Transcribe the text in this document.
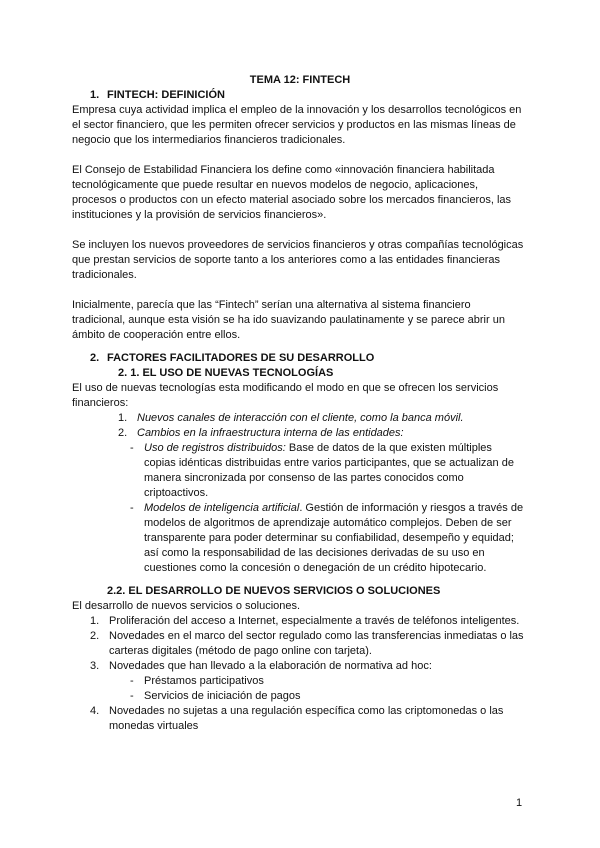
TEMA 12: FINTECH
1. FINTECH: DEFINICIÓN
Empresa cuya actividad implica el empleo de la innovación y los desarrollos tecnológicos en
el sector financiero, que les permiten ofrecer servicios y productos en las mismas líneas de
negocio que los intermediarios financieros tradicionales.
El Consejo de Estabilidad Financiera los define como «innovación financiera habilitada
tecnológicamente que puede resultar en nuevos modelos de negocio, aplicaciones,
procesos o productos con un efecto material asociado sobre los mercados financieros, las
instituciones y la provisión de servicios financieros».
Se incluyen los nuevos proveedores de servicios financieros y otras compañías tecnológicas
que prestan servicios de soporte tanto a los anteriores como a las entidades financieras
tradicionales.
Inicialmente, parecía que las “Fintech” serían una alternativa al sistema financiero
tradicional, aunque esta visión se ha ido suavizando paulatinamente y se parece abrir un
ámbito de cooperación entre ellos.
2. FACTORES FACILITADORES DE SU DESARROLLO
2. 1. EL USO DE NUEVAS TECNOLOGÍAS
El uso de nuevas tecnologías esta modificando el modo en que se ofrecen los servicios
financieros:
1. Nuevos canales de interacción con el cliente, como la banca móvil.
2. Cambios en la infraestructura interna de las entidades:
- Uso de registros distribuidos: Base de datos de la que existen múltiples
copias idénticas distribuidas entre varios participantes, que se actualizan de
manera sincronizada por consenso de las partes conocidos como
criptoactivos.
- Modelos de inteligencia artificial. Gestión de información y riesgos a través de
modelos de algoritmos de aprendizaje automático complejos. Deben de ser
transparente para poder determinar su confiabilidad, desempeño y equidad;
así como la responsabilidad de las decisiones derivadas de su uso en
cuestiones como la concesión o denegación de un crédito hipotecario.
2.2. EL DESARROLLO DE NUEVOS SERVICIOS O SOLUCIONES
El desarrollo de nuevos servicios o soluciones.
1. Proliferación del acceso a Internet, especialmente a través de teléfonos inteligentes.
2. Novedades en el marco del sector regulado como las transferencias inmediatas o las
carteras digitales (método de pago online con tarjeta).
3. Novedades que han llevado a la elaboración de normativa ad hoc:
- Préstamos participativos
- Servicios de iniciación de pagos
4. Novedades no sujetas a una regulación específica como las criptomonedas o las
monedas virtuales
1
